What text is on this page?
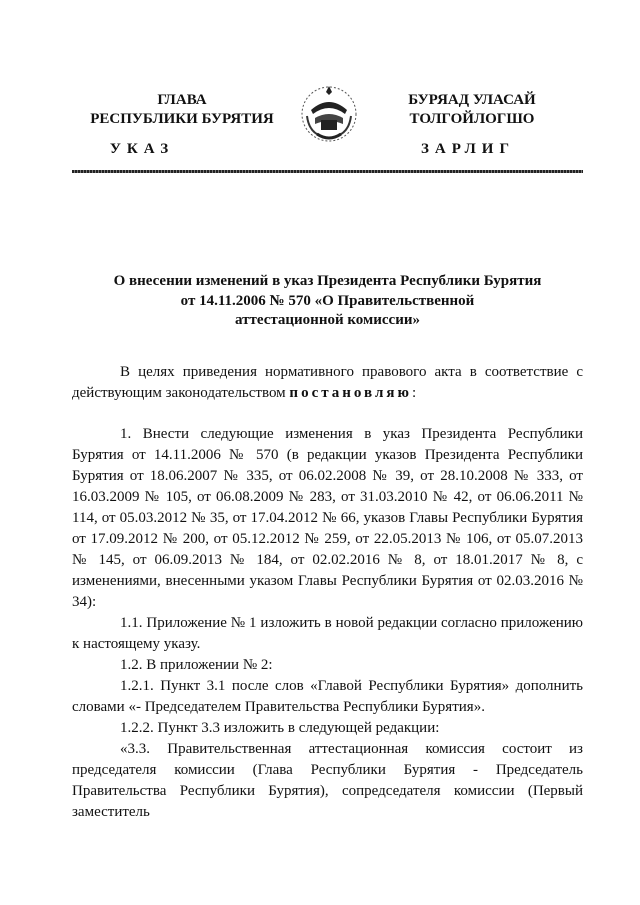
ГЛАВА
РЕСПУБЛИКИ БУРЯТИЯ
УКАЗ
БУРЯАД УЛАСАЙ
ТОЛГОЙЛОГШО
ЗАРЛИГ
О внесении изменений в указ Президента Республики Бурятия
от 14.11.2006 № 570 «О Правительственной
аттестационной комиссии»

В целях приведения нормативного правового акта в соответствие с действующим законодательством постановляю:

1. Внести следующие изменения в указ Президента Республики Бурятия от 14.11.2006 № 570 (в редакции указов Президента Республики Бурятия от 18.06.2007 № 335, от 06.02.2008 № 39, от 28.10.2008 № 333, от 16.03.2009 № 105, от 06.08.2009 № 283, от 31.03.2010 № 42, от 06.06.2011 № 114, от 05.03.2012 № 35, от 17.04.2012 № 66, указов Главы Республики Бурятия от 17.09.2012 № 200, от 05.12.2012 № 259, от 22.05.2013 № 106, от 05.07.2013 № 145, от 06.09.2013 № 184, от 02.02.2016 № 8, от 18.01.2017 № 8, с изменениями, внесенными указом Главы Республики Бурятия от 02.03.2016 № 34):

1.1. Приложение № 1 изложить в новой редакции согласно приложению к настоящему указу.

1.2. В приложении № 2:

1.2.1. Пункт 3.1 после слов «Главой Республики Бурятия» дополнить словами «- Председателем Правительства Республики Бурятия».

1.2.2. Пункт 3.3 изложить в следующей редакции:

«3.3. Правительственная аттестационная комиссия состоит из председателя комиссии (Глава Республики Бурятия - Председатель Правительства Республики Бурятия), сопредседателя комиссии (Первый заместитель
